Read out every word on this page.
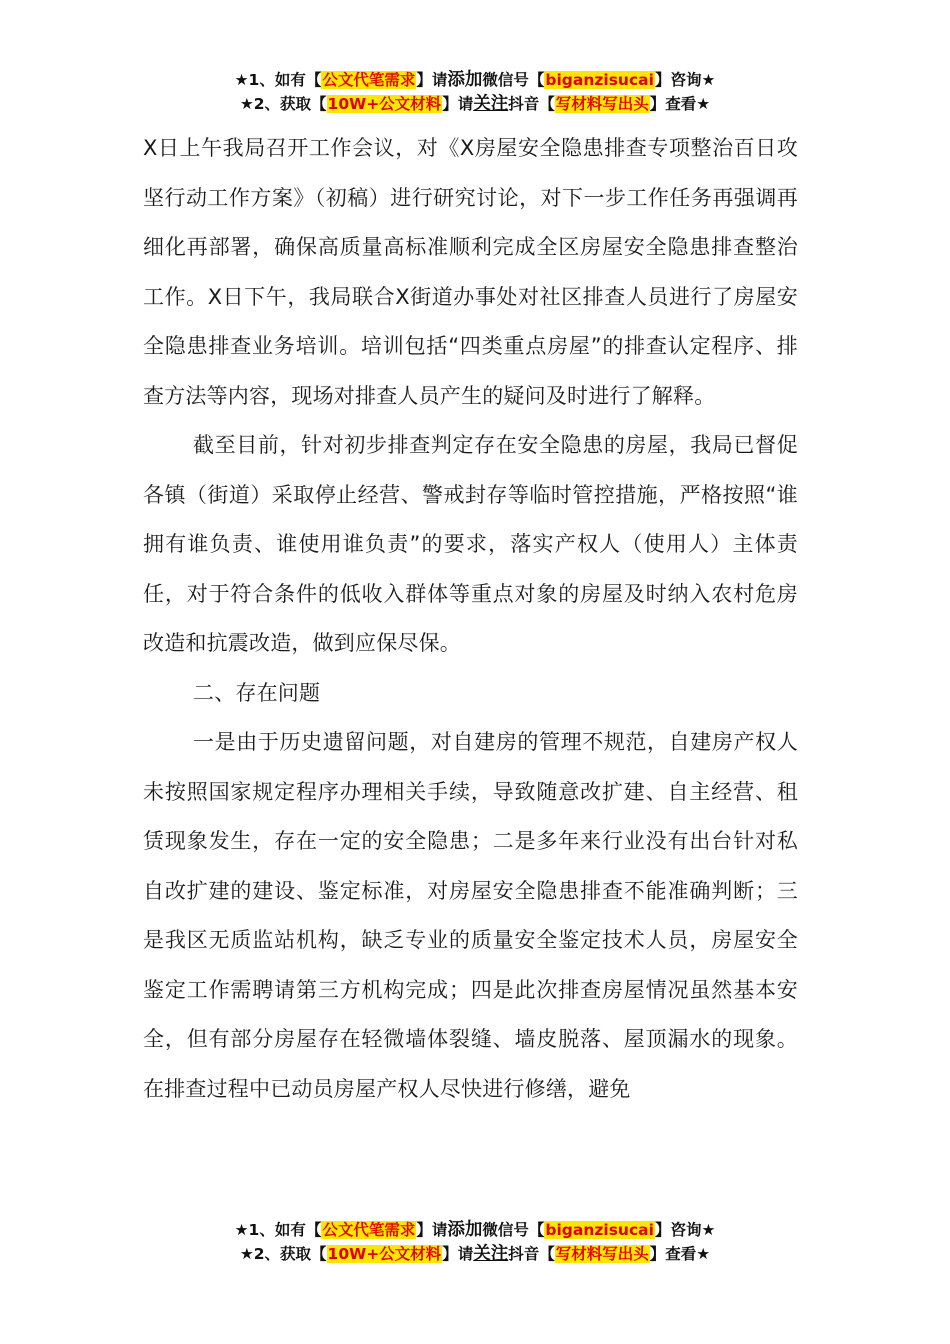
★1、如有【公文代笔需求】请添加微信号【biganzisucai】咨询★
★2、获取【10W+公文材料】请关注抖音【写材料写出头】查看★

X日上午我局召开工作会议，对《X房屋安全隐患排查专项整治百日攻坚行动工作方案》（初稿）进行研究讨论，对下一步工作任务再强调再细化再部署，确保高质量高标准顺利完成全区房屋安全隐患排查整治工作。X日下午，我局联合X街道办事处对社区排查人员进行了房屋安全隐患排查业务培训。培训包括“四类重点房屋”的排查认定程序、排查方法等内容，现场对排查人员产生的疑问及时进行了解释。

截至目前，针对初步排查判定存在安全隐患的房屋，我局已督促各镇（街道）采取停止经营、警戒封存等临时管控措施，严格按照“谁拥有谁负责、谁使用谁负责”的要求，落实产权人（使用人）主体责任，对于符合条件的低收入群体等重点对象的房屋及时纳入农村危房改造和抗震改造，做到应保尽保。

二、存在问题

一是由于历史遗留问题，对自建房的管理不规范，自建房产权人未按照国家规定程序办理相关手续，导致随意改扩建、自主经营、租赁现象发生，存在一定的安全隐患；二是多年来行业没有出台针对私自改扩建的建设、鉴定标准，对房屋安全隐患排查不能准确判断；三是我区无质监站机构，缺乏专业的质量安全鉴定技术人员，房屋安全鉴定工作需聘请第三方机构完成；四是此次排查房屋情况虽然基本安全，但有部分房屋存在轻微墙体裂缝、墙皮脱落、屋顶漏水的现象。在排查过程中已动员房屋产权人尽快进行修缮，避免

★1、如有【公文代笔需求】请添加微信号【biganzisucai】咨询★
★2、获取【10W+公文材料】请关注抖音【写材料写出头】查看★
